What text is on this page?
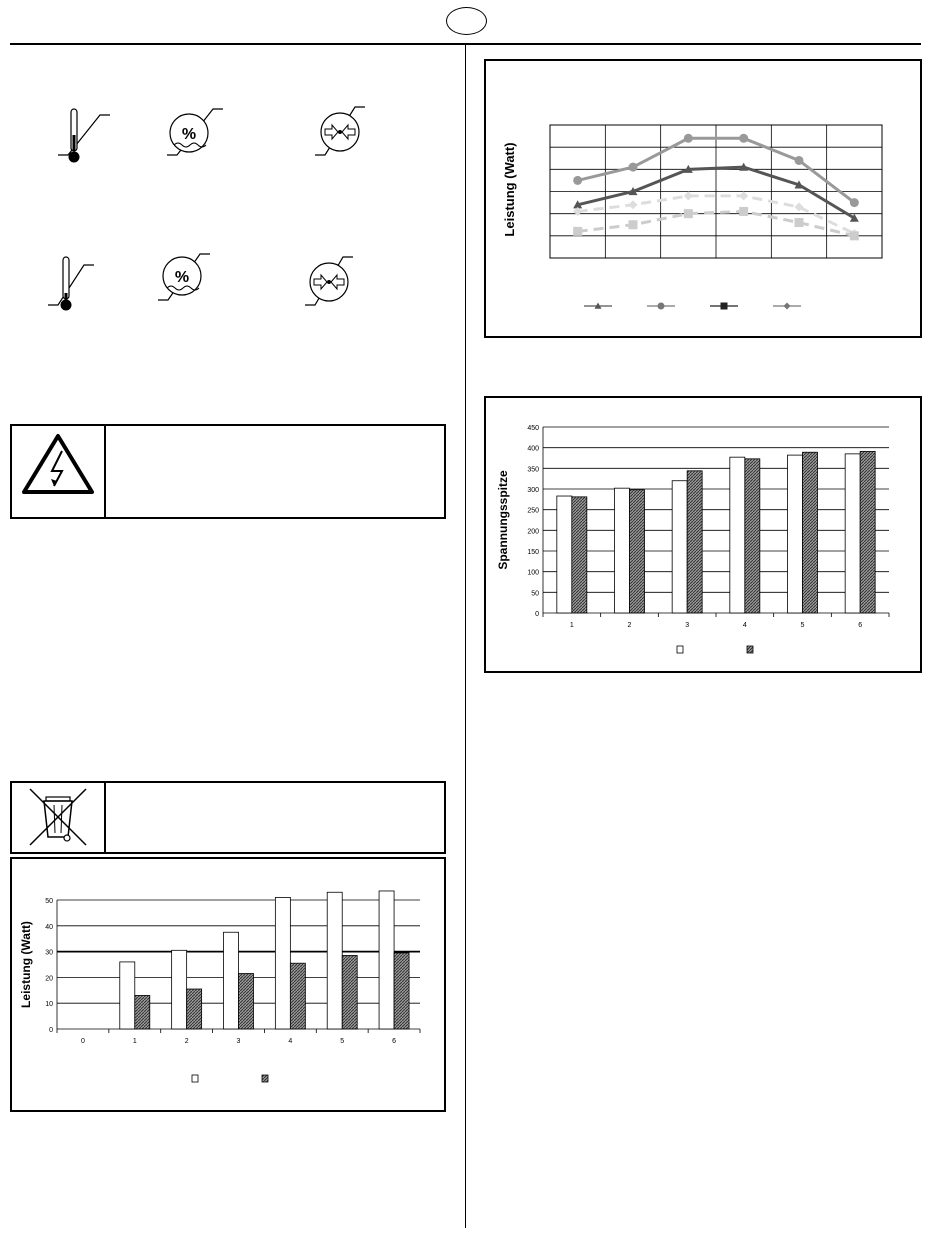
%
%
Leistung (Watt)
0
50
100
150
200
250
300
350
400
450
1	2	3	4	5	6
Spannungsspitze
0
10
20
30
40
50
0	1	2	3	4	5	6
Leistung (Watt)
